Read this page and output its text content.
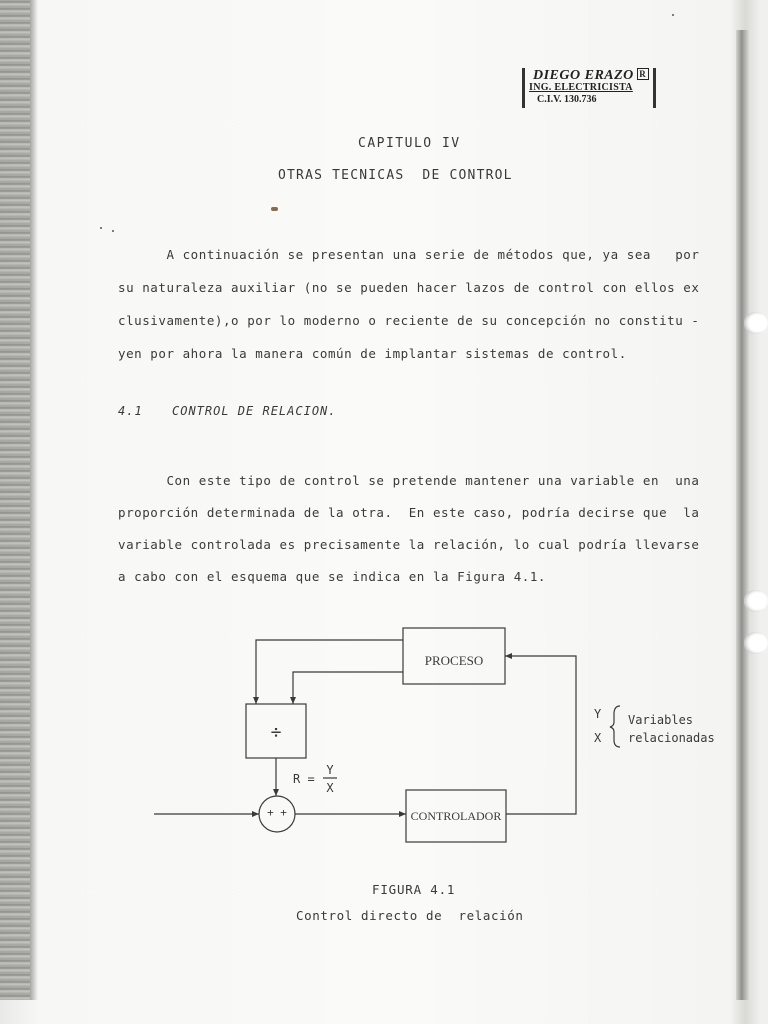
DIEGO ERAZO R
ING. ELECTRICISTA
C.I.V. 130.736
CAPITULO IV
OTRAS TECNICAS  DE CONTROL
A continuación se presentan una serie de métodos que, ya sea   por
su naturaleza auxiliar (no se pueden hacer lazos de control con ellos ex
clusivamente),o por lo moderno o reciente de su concepción no constitu -
yen por ahora la manera común de implantar sistemas de control.
4.1 CONTROL DE RELACION.
Con este tipo de control se pretende mantener una variable en  una
proporción determinada de la otra.  En este caso, podría decirse que  la
variable controlada es precisamente la relación, lo cual podría llevarse
a cabo con el esquema que se indica en la Figura 4.1.
PROCESO
÷
+ +	CONTROLADOR
R =
Y
X
Y
X
Variables
relacionadas
FIGURA 4.1
Control directo de  relación
